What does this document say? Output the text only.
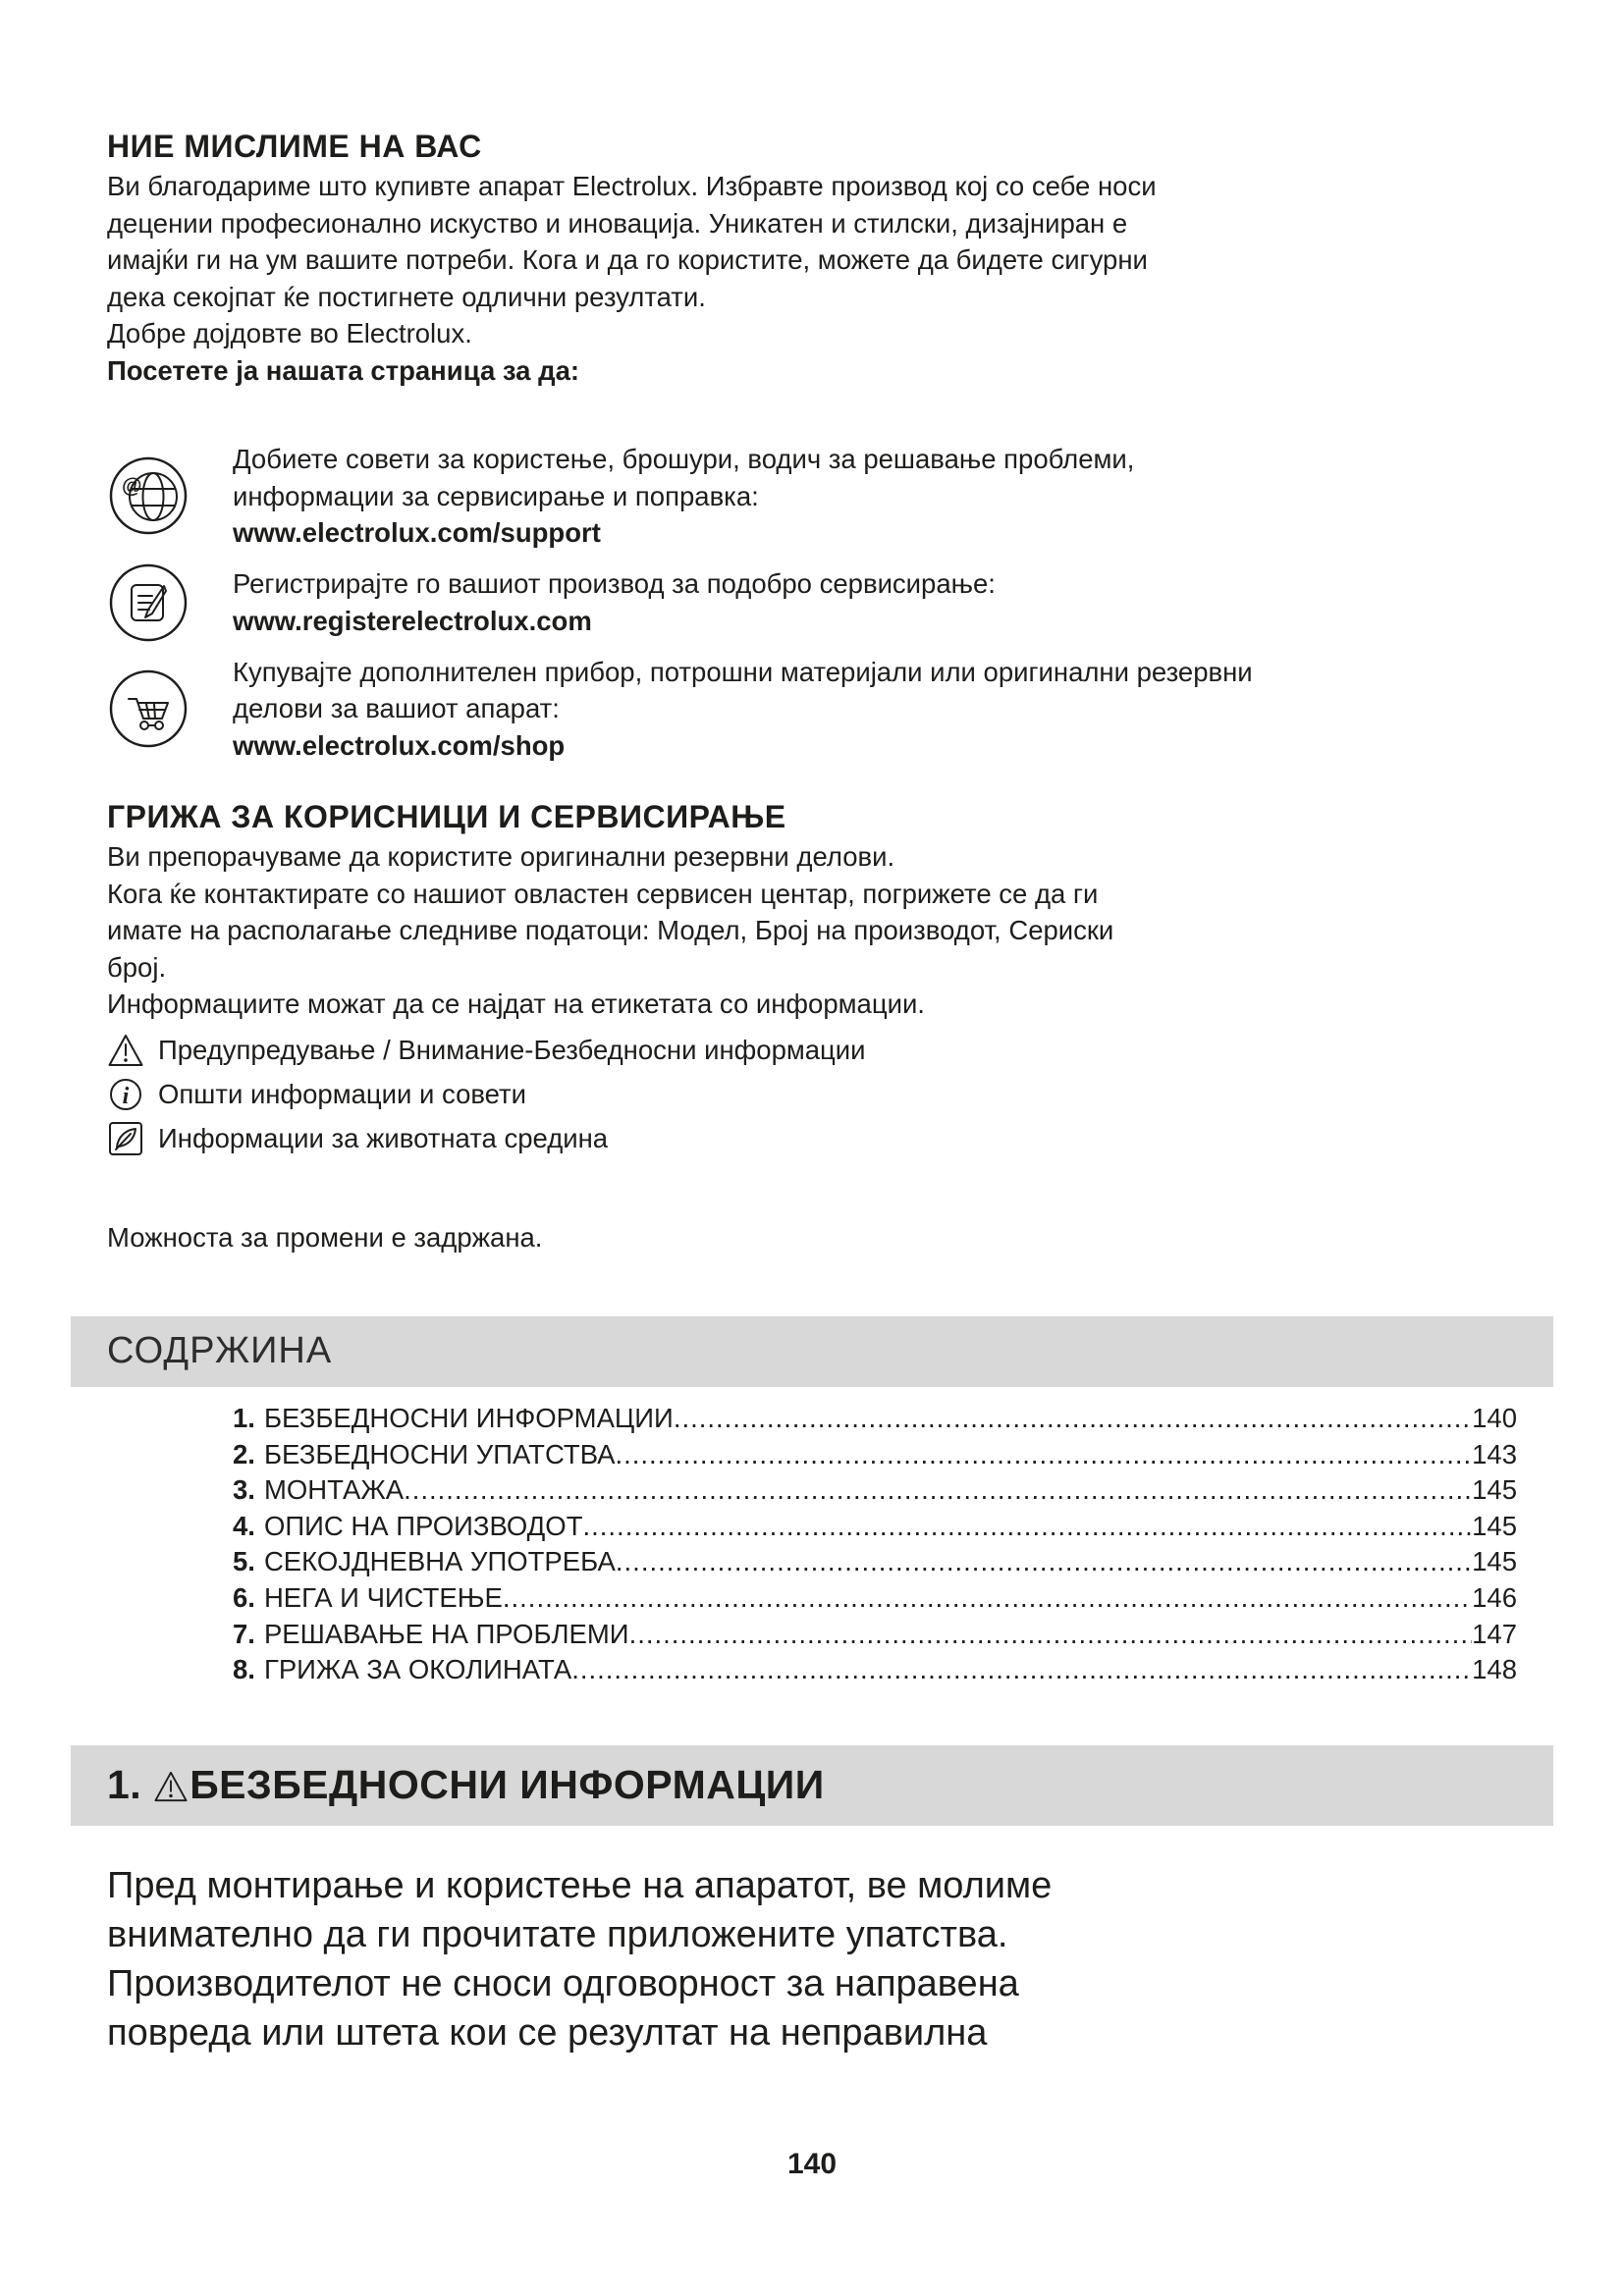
НИЕ МИСЛИМЕ НА ВАС
Ви благодариме што купивте апарат Electrolux. Избравте производ кој со себе носи
децении професионално искуство и иновација. Уникатен и стилски, дизајниран е
имајќи ги на ум вашите потреби. Кога и да го користите, можете да бидете сигурни
дека секојпат ќе постигнете одлични резултати.
Добре дојдовте во Electrolux.
Посетете ја нашата страница за да:
@
Добиете совети за користење, брошури, водич за решавање проблеми,
информации за сервисирање и поправка:
www.electrolux.com/support
Регистрирајте го вашиот производ за подобро сервисирање:
www.registerelectrolux.com
Купувајте дополнителен прибор, потрошни материјали или оригинални резервни
делови за вашиот апарат:
www.electrolux.com/shop
ГРИЖА ЗА КОРИСНИЦИ И СЕРВИСИРАЊЕ
Ви препорачуваме да користите оригинални резервни делови.
Кога ќе контактирате со нашиот овластен сервисен центар, погрижете се да ги
имате на располагање следниве податоци: Модел, Број на производот, Сериски
број.
Информациите можат да се најдат на етикетата со информации.
Предупредување / Внимание-Безбедносни информации
i Општи информации и совети
Информации за животната средина
Можноста за промени е задржана.
СОДРЖИНА
1. БЕЗБЕДНОСНИ ИНФОРМАЦИИ .....	140
2. БЕЗБЕДНОСНИ УПАТСТВА .....	143
3. МОНТАЖА .....	145
4. ОПИС НА ПРОИЗВОДОТ .....	145
5. СЕКОЈДНЕВНА УПОТРЕБА .....	145
6. НЕГА И ЧИСТЕЊЕ .....	146
7. РЕШАВАЊЕ НА ПРОБЛЕМИ .....	147
8. ГРИЖА ЗА ОКОЛИНАТА .....	148
1. БЕЗБЕДНОСНИ ИНФОРМАЦИИ
Пред монтирање и користење на апаратот, ве молиме
внимателно да ги прочитате приложените упатства.
Производителот не сноси одговорност за направена
повреда или штета кои се резултат на неправилна
140
